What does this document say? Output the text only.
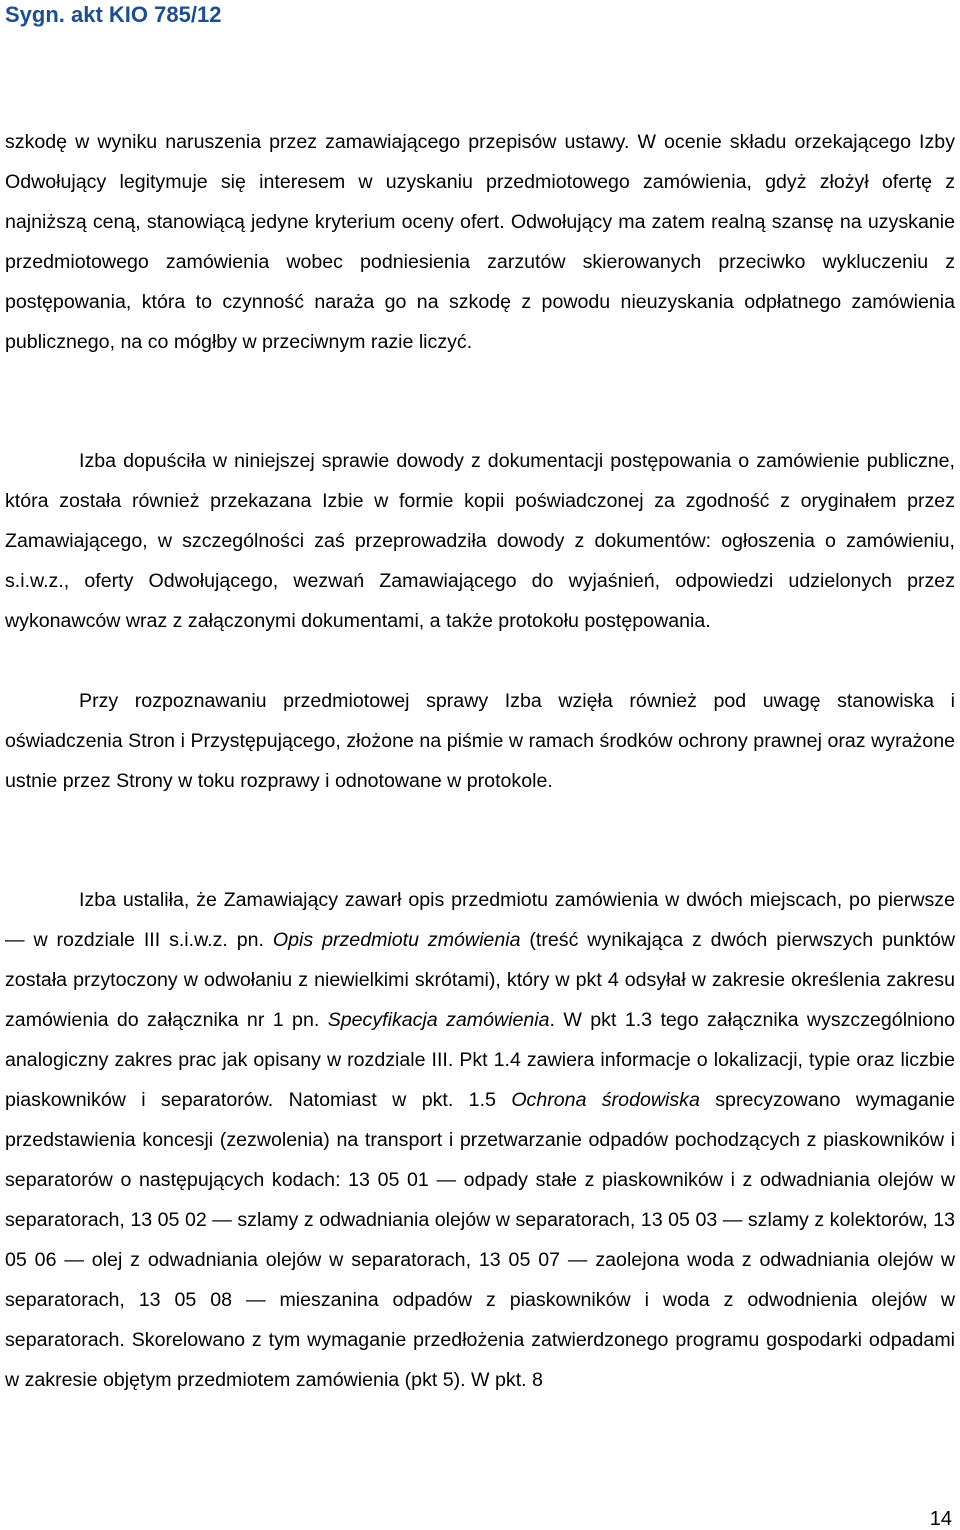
Sygn. akt KIO 785/12

szkodę w wyniku naruszenia przez zamawiającego przepisów ustawy. W ocenie składu orzekającego Izby Odwołujący legitymuje się interesem w uzyskaniu przedmiotowego zamówienia, gdyż złożył ofertę z najniższą ceną, stanowiącą jedyne kryterium oceny ofert. Odwołujący ma zatem realną szansę na uzyskanie przedmiotowego zamówienia wobec podniesienia zarzutów skierowanych przeciwko wykluczeniu z postępowania, która to czynność naraża go na szkodę z powodu nieuzyskania odpłatnego zamówienia publicznego, na co mógłby w przeciwnym razie liczyć.

Izba dopuściła w niniejszej sprawie dowody z dokumentacji postępowania o zamówienie publiczne, która została również przekazana Izbie w formie kopii poświadczonej za zgodność z oryginałem przez Zamawiającego, w szczególności zaś przeprowadziła dowody z dokumentów: ogłoszenia o zamówieniu, s.i.w.z., oferty Odwołującego, wezwań Zamawiającego do wyjaśnień, odpowiedzi udzielonych przez wykonawców wraz z załączonymi dokumentami, a także protokołu postępowania.

Przy rozpoznawaniu przedmiotowej sprawy Izba wzięła również pod uwagę stanowiska i oświadczenia Stron i Przystępującego, złożone na piśmie w ramach środków ochrony prawnej oraz wyrażone ustnie przez Strony w toku rozprawy i odnotowane w protokole.

Izba ustaliła, że Zamawiający zawarł opis przedmiotu zamówienia w dwóch miejscach, po pierwsze — w rozdziale III s.i.w.z. pn. Opis przedmiotu zmówienia (treść wynikająca z dwóch pierwszych punktów została przytoczony w odwołaniu z niewielkimi skrótami), który w pkt 4 odsyłał w zakresie określenia zakresu zamówienia do załącznika nr 1 pn. Specyfikacja zamówienia. W pkt 1.3 tego załącznika wyszczególniono analogiczny zakres prac jak opisany w rozdziale III. Pkt 1.4 zawiera informacje o lokalizacji, typie oraz liczbie piaskowników i separatorów. Natomiast w pkt. 1.5 Ochrona środowiska sprecyzowano wymaganie przedstawienia koncesji (zezwolenia) na transport i przetwarzanie odpadów pochodzących z piaskowników i separatorów o następujących kodach: 13 05 01 — odpady stałe z piaskowników i z odwadniania olejów w separatorach, 13 05 02 — szlamy z odwadniania olejów w separatorach, 13 05 03 — szlamy z kolektorów, 13 05 06 — olej z odwadniania olejów w separatorach, 13 05 07 — zaolejona woda z odwadniania olejów w separatorach, 13 05 08 — mieszanina odpadów z piaskowników i woda z odwodnienia olejów w separatorach. Skorelowano z tym wymaganie przedłożenia zatwierdzonego programu gospodarki odpadami w zakresie objętym przedmiotem zamówienia (pkt 5). W pkt. 8

14
